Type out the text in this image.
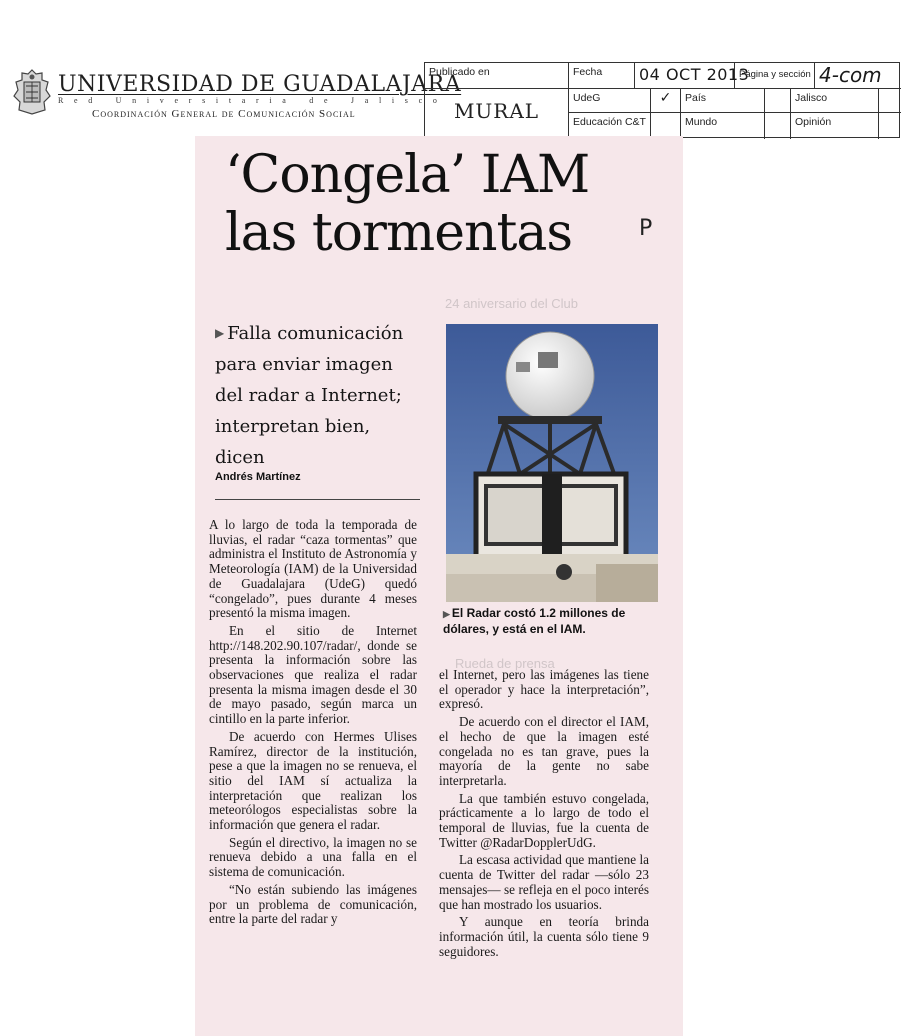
UNIVERSIDAD DE GUADALAJARA
Red Universitaria de Jalisco
Coordinación General de Comunicación Social
Publicado en
MURAL
Fecha	04 OCT 2013
Página y sección 4-com
UdeG	✓	País	Jalisco
Educación C&T	Mundo	Opinión
24 aniversario del Club
Rueda de prensa
‘Congela’ IAM
las tormentas	P
▶ Falla comunicación para enviar imagen del radar a Internet; interpretan bien, dicen
Andrés Martínez
▶ El Radar costó 1.2 millones de dólares, y está en el IAM.

A lo largo de toda la temporada de lluvias, el radar “caza tormentas” que administra el Instituto de Astronomía y Meteorología (IAM) de la Universidad de Guadalajara (UdeG) quedó “congelado”, pues durante 4 meses presentó la misma imagen.

En el sitio de Internet http://148.202.90.107/radar/, donde se presenta la información sobre las observaciones que realiza el radar presenta la misma imagen desde el 30 de mayo pasado, según marca un cintillo en la parte inferior.

De acuerdo con Hermes Ulises Ramírez, director de la institución, pese a que la imagen no se renueva, el sitio del IAM sí actualiza la interpretación que realizan los meteorólogos especialistas sobre la información que genera el radar.

Según el directivo, la imagen no se renueva debido a una falla en el sistema de comunicación.

“No están subiendo las imágenes por un problema de comunicación, entre la parte del radar y

el Internet, pero las imágenes las tiene el operador y hace la interpretación”, expresó.

De acuerdo con el director el IAM, el hecho de que la imagen esté congelada no es tan grave, pues la mayoría de la gente no sabe interpretarla.

La que también estuvo congelada, prácticamente a lo largo de todo el temporal de lluvias, fue la cuenta de Twitter @RadarDopplerUdG.

La escasa actividad que mantiene la cuenta de Twitter del radar —sólo 23 mensajes— se refleja en el poco interés que han mostrado los usuarios.

Y aunque en teoría brinda información útil, la cuenta sólo tiene 9 seguidores.
